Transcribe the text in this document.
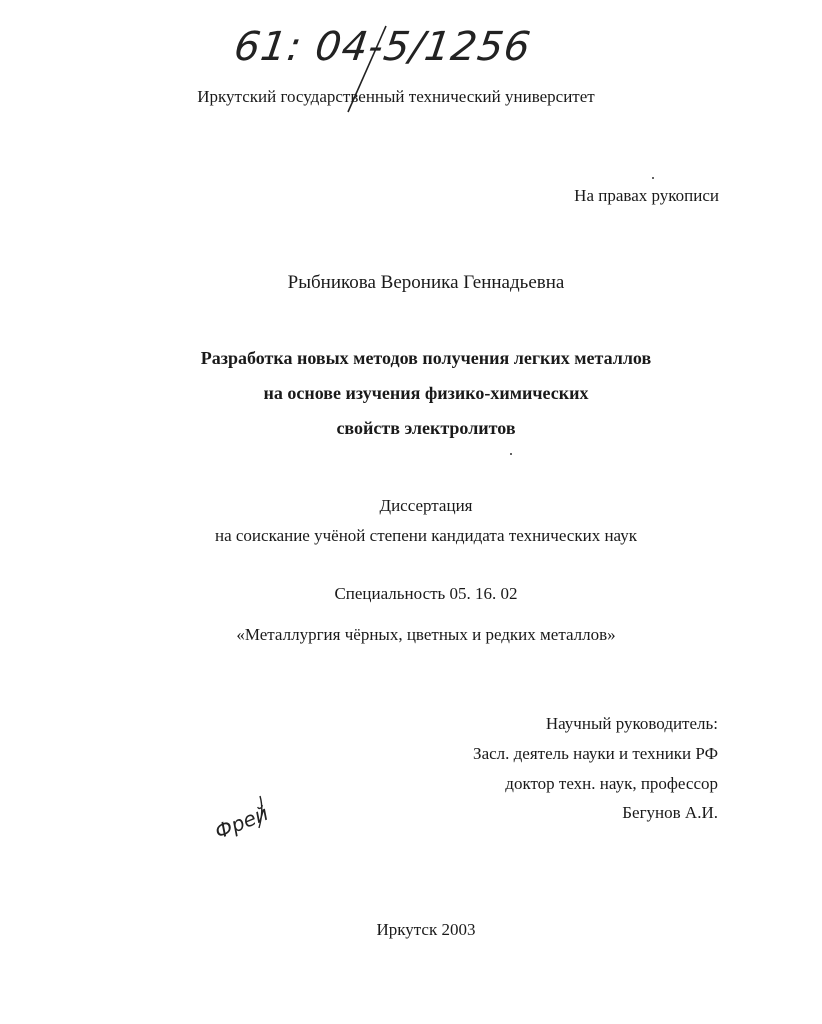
61: 04-5/1256
Иркутский государственный технический университет
На правах рукописи
Рыбникова Вероника Геннадьевна
Разработка новых методов получения легких металлов
на основе изучения физико-химических
свойств электролитов
Диссертация
на соискание учёной степени кандидата технических наук
Специальность 05. 16. 02
«Металлургия чёрных, цветных и редких металлов»
Научный руководитель:
Засл. деятель науки и техники РФ
доктор техн. наук, профессор
Бегунов А.И.
Фрей
Иркутск 2003
